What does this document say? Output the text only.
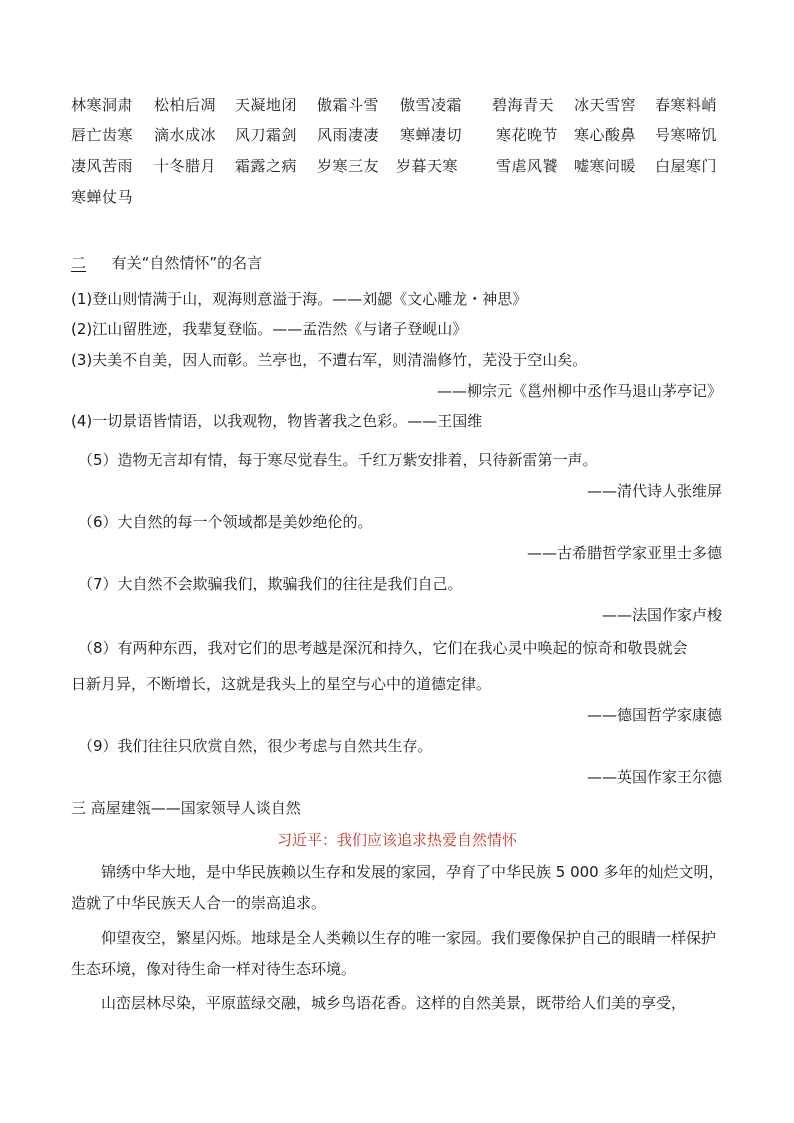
林寒洞肃 松柏后凋 天凝地闭 傲霜斗雪 傲雪凌霜 碧海青天 冰天雪窖 春寒料峭
唇亡齿寒 滴水成冰 风刀霜剑 风雨凄凄 寒蝉凄切 寒花晚节 寒心酸鼻 号寒啼饥
凄风苦雨 十冬腊月 霜露之病 岁寒三友 岁暮天寒	雪虐风饕 嘘寒问暖 白屋寒门
寒蝉仗马
二 有关“自然情怀”的名言
(1)登山则情满于山，观海则意溢于海。——刘勰《文心雕龙・神思》
(2)江山留胜迹，我辈复登临。——孟浩然《与诸子登岘山》
(3)夫美不自美，因人而彰。兰亭也，不遭右军，则清湍修竹，芜没于空山矣。
——柳宗元《邕州柳中丞作马退山茅亭记》
(4)一切景语皆情语，以我观物，物皆著我之色彩。——王国维
（5）造物无言却有情，每于寒尽觉春生。千红万紫安排着，只待新雷第一声。
——清代诗人张维屏
（6）大自然的每一个领域都是美妙绝伦的。
——古希腊哲学家亚里士多德
（7）大自然不会欺骗我们，欺骗我们的往往是我们自己。
——法国作家卢梭
（8）有两种东西，我对它们的思考越是深沉和持久，它们在我心灵中唤起的惊奇和敬畏就会
日新月异，不断增长，这就是我头上的星空与心中的道德定律。
——德国哲学家康德
（9）我们往往只欣赏自然，很少考虑与自然共生存。
——英国作家王尔德
三 高屋建瓴——国家领导人谈自然
习近平：我们应该追求热爱自然情怀
锦绣中华大地，是中华民族赖以生存和发展的家园，孕育了中华民族 5 000 多年的灿烂文明，造就了中华民族天人合一的崇高追求。
仰望夜空，繁星闪烁。地球是全人类赖以生存的唯一家园。我们要像保护自己的眼睛一样保护生态环境，像对待生命一样对待生态环境。
山峦层林尽染，平原蓝绿交融，城乡鸟语花香。这样的自然美景，既带给人们美的享受，
